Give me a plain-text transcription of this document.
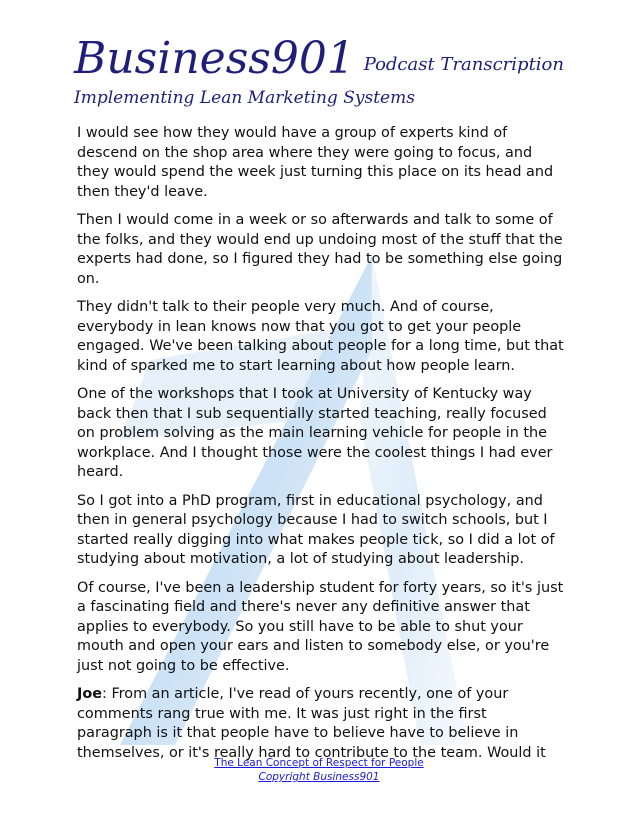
Business901 Podcast Transcription
Implementing Lean Marketing Systems

I would see how they would have a group of experts kind of descend on the shop area where they were going to focus, and they would spend the week just turning this place on its head and then they'd leave.

Then I would come in a week or so afterwards and talk to some of the folks, and they would end up undoing most of the stuff that the experts had done, so I figured they had to be something else going on.

They didn't talk to their people very much. And of course, everybody in lean knows now that you got to get your people engaged. We've been talking about people for a long time, but that kind of sparked me to start learning about how people learn.

One of the workshops that I took at University of Kentucky way back then that I sub sequentially started teaching, really focused on problem solving as the main learning vehicle for people in the workplace. And I thought those were the coolest things I had ever heard.

So I got into a PhD program, first in educational psychology, and then in general psychology because I had to switch schools, but I started really digging into what makes people tick, so I did a lot of studying about motivation, a lot of studying about leadership.

Of course, I've been a leadership student for forty years, so it's just a fascinating field and there's never any definitive answer that applies to everybody. So you still have to be able to shut your mouth and open your ears and listen to somebody else, or you're just not going to be effective.

Joe: From an article, I've read of yours recently, one of your comments rang true with me. It was just right in the first paragraph is it that people have to believe have to believe in themselves, or it's really hard to contribute to the team. Would it

The Lean Concept of Respect for People
Copyright Business901
